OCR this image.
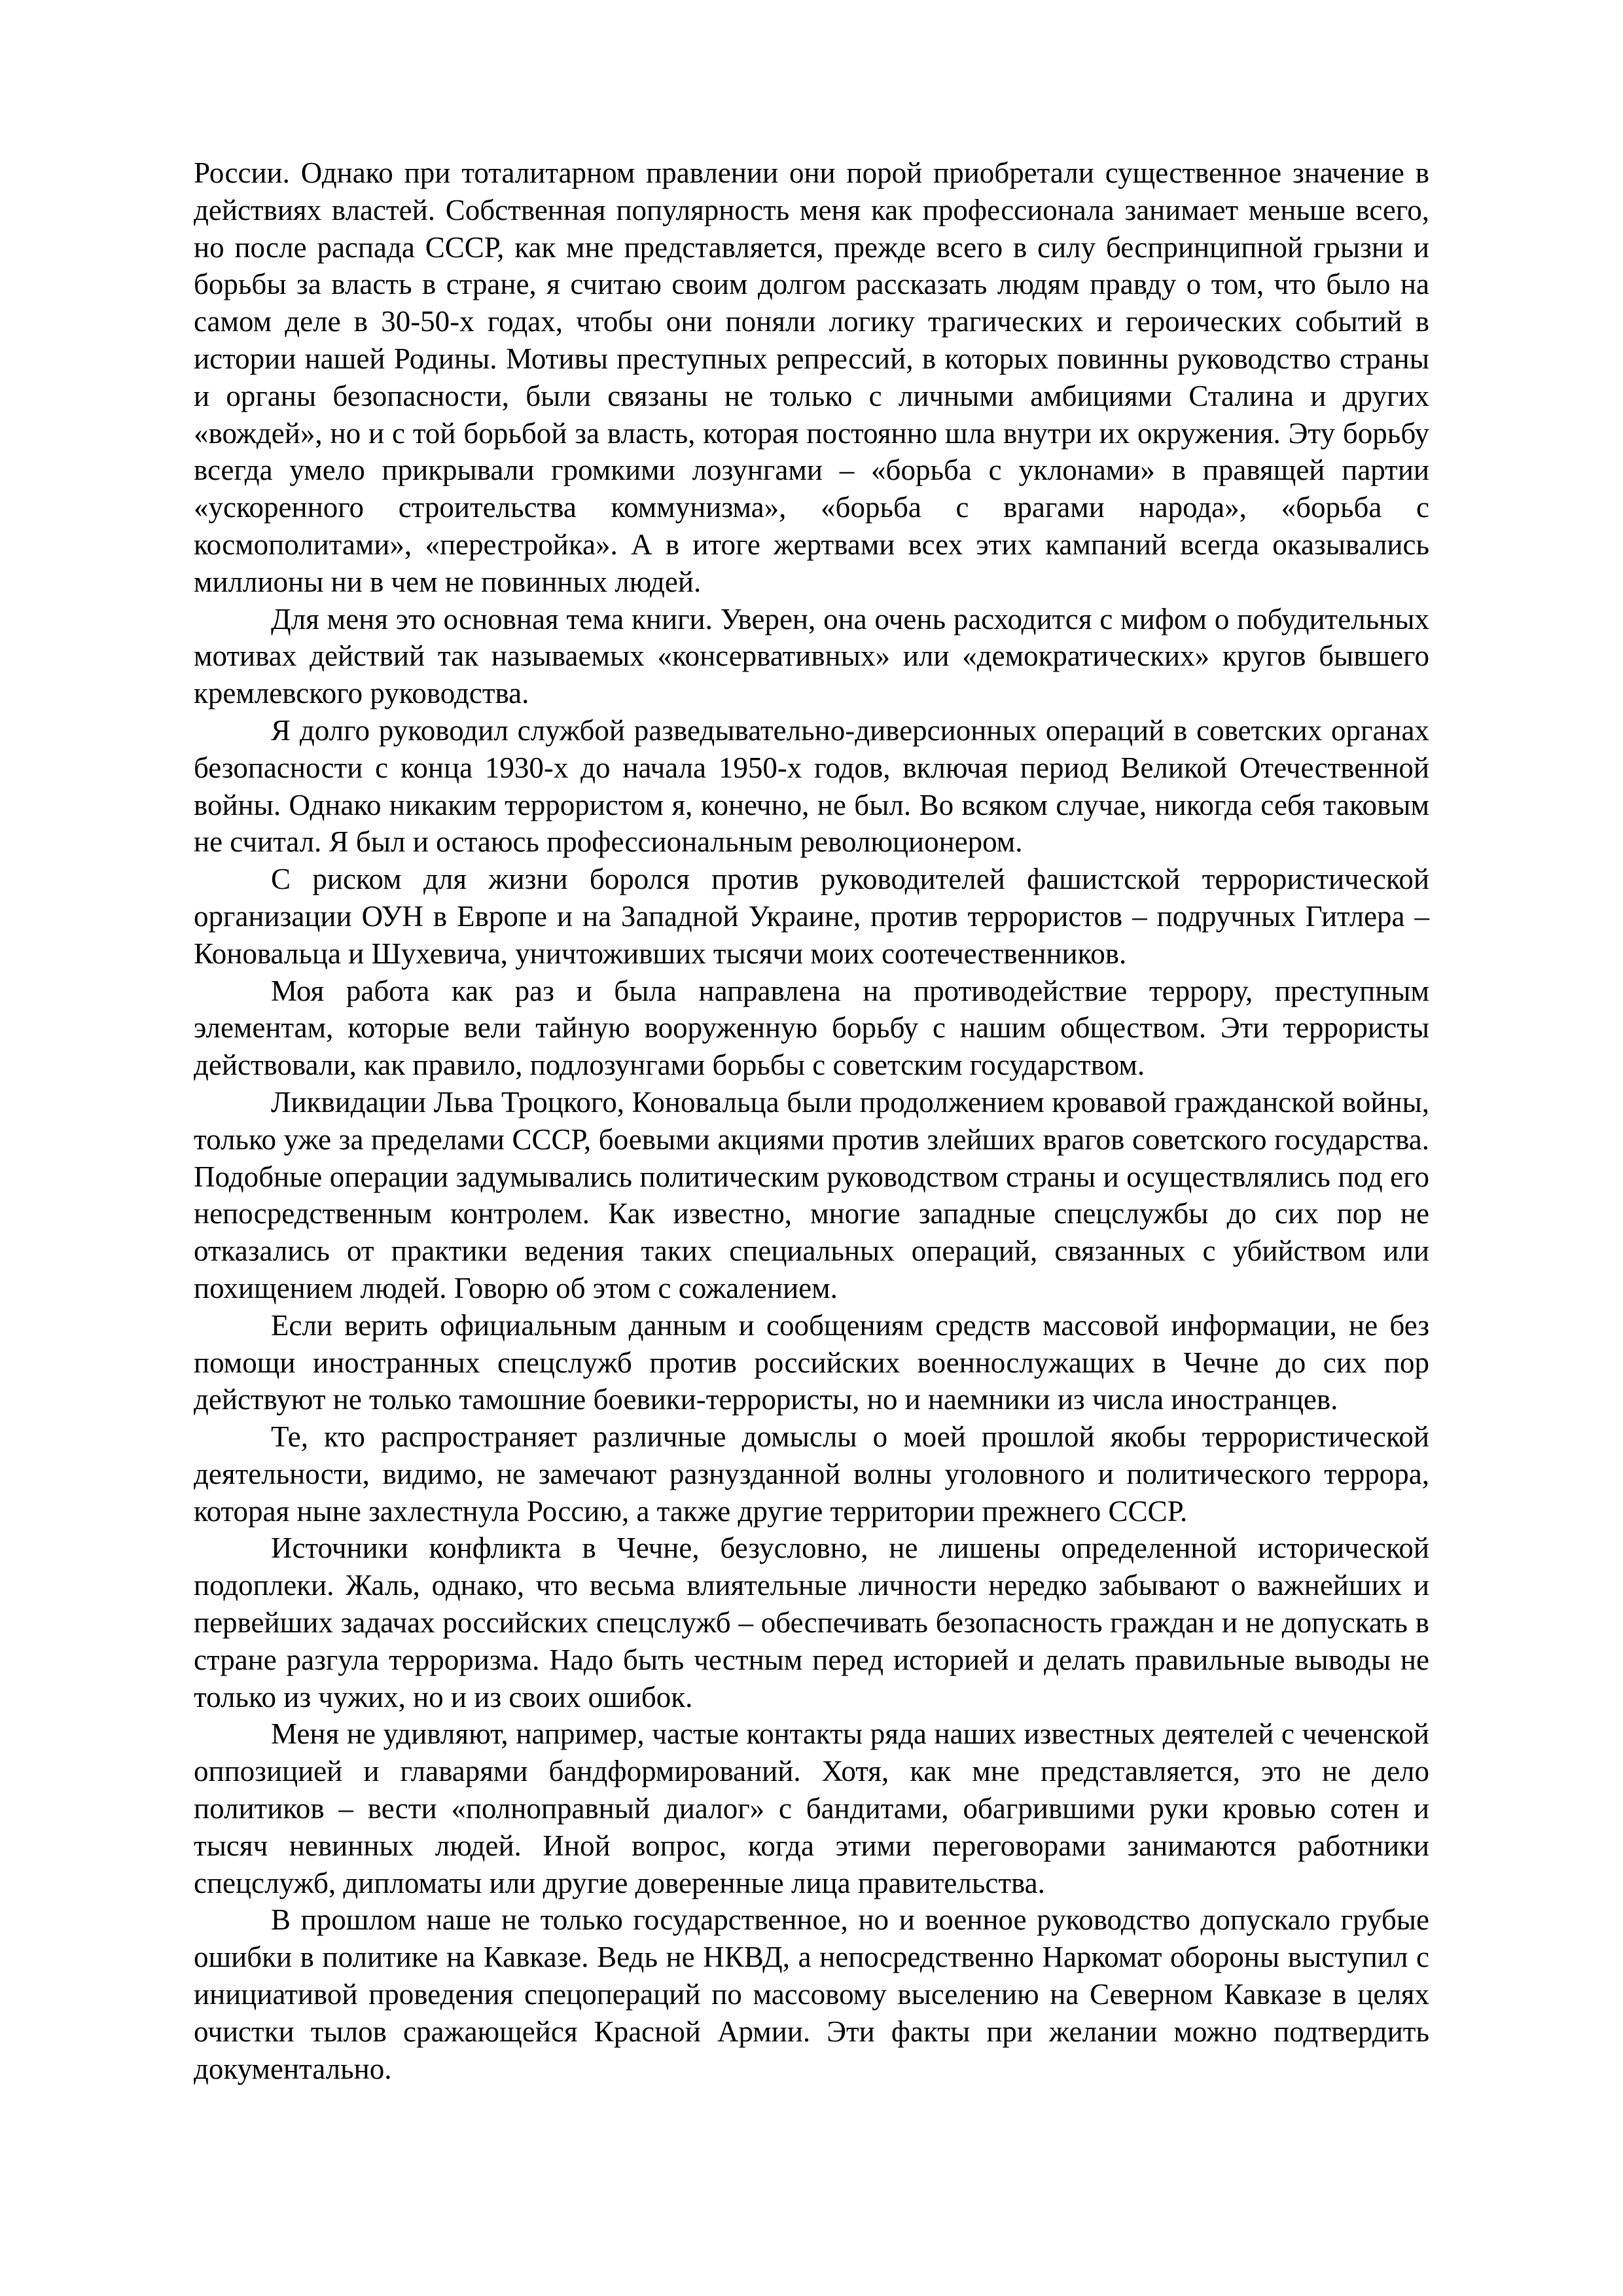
России. Однако при тоталитарном правлении они порой приобретали существенное значение в действиях властей. Собственная популярность меня как профессионала занимает меньше всего, но после распада СССР, как мне представляется, прежде всего в силу беспринципной грызни и борьбы за власть в стране, я считаю своим долгом рассказать людям правду о том, что было на самом деле в 30-50-х годах, чтобы они поняли логику трагических и героических событий в истории нашей Родины. Мотивы преступных репрессий, в которых повинны руководство страны и органы безопасности, были связаны не только с личными амбициями Сталина и других «вождей», но и с той борьбой за власть, которая постоянно шла внутри их окружения. Эту борьбу всегда умело прикрывали громкими лозунгами – «борьба с уклонами» в правящей партии «ускоренного строительства коммунизма», «борьба с врагами народа», «борьба с космополитами», «перестройка». А в итоге жертвами всех этих кампаний всегда оказывались миллионы ни в чем не повинных людей.

Для меня это основная тема книги. Уверен, она очень расходится с мифом о побудительных мотивах действий так называемых «консервативных» или «демократических» кругов бывшего кремлевского руководства.

Я долго руководил службой разведывательно-диверсионных операций в советских органах безопасности с конца 1930-х до начала 1950-х годов, включая период Великой Отечественной войны. Однако никаким террористом я, конечно, не был. Во всяком случае, никогда себя таковым не считал. Я был и остаюсь профессиональным революционером.

С риском для жизни боролся против руководителей фашистской террористической организации ОУН в Европе и на Западной Украине, против террористов – подручных Гитлера – Коновальца и Шухевича, уничтоживших тысячи моих соотечественников.

Моя работа как раз и была направлена на противодействие террору, преступным элементам, которые вели тайную вооруженную борьбу с нашим обществом. Эти террористы действовали, как правило, подлозунгами борьбы с советским государством.

Ликвидации Льва Троцкого, Коновальца были продолжением кровавой гражданской войны, только уже за пределами СССР, боевыми акциями против злейших врагов советского государства. Подобные операции задумывались политическим руководством страны и осуществлялись под его непосредственным контролем. Как известно, многие западные спецслужбы до сих пор не отказались от практики ведения таких специальных операций, связанных с убийством или похищением людей. Говорю об этом с сожалением.

Если верить официальным данным и сообщениям средств массовой информации, не без помощи иностранных спецслужб против российских военнослужащих в Чечне до сих пор действуют не только тамошние боевики-террористы, но и наемники из числа иностранцев.

Те, кто распространяет различные домыслы о моей прошлой якобы террористической деятельности, видимо, не замечают разнузданной волны уголовного и политического террора, которая ныне захлестнула Россию, а также другие территории прежнего СССР.

Источники конфликта в Чечне, безусловно, не лишены определенной исторической подоплеки. Жаль, однако, что весьма влиятельные личности нередко забывают о важнейших и первейших задачах российских спецслужб – обеспечивать безопасность граждан и не допускать в стране разгула терроризма. Надо быть честным перед историей и делать правильные выводы не только из чужих, но и из своих ошибок.

Меня не удивляют, например, частые контакты ряда наших известных деятелей с чеченской оппозицией и главарями бандформирований. Хотя, как мне представляется, это не дело политиков – вести «полноправный диалог» с бандитами, обагрившими руки кровью сотен и тысяч невинных людей. Иной вопрос, когда этими переговорами занимаются работники спецслужб, дипломаты или другие доверенные лица правительства.

В прошлом наше не только государственное, но и военное руководство допускало грубые ошибки в политике на Кавказе. Ведь не НКВД, а непосредственно Наркомат обороны выступил с инициативой проведения спецопераций по массовому выселению на Северном Кавказе в целях очистки тылов сражающейся Красной Армии. Эти факты при желании можно подтвердить документально.
